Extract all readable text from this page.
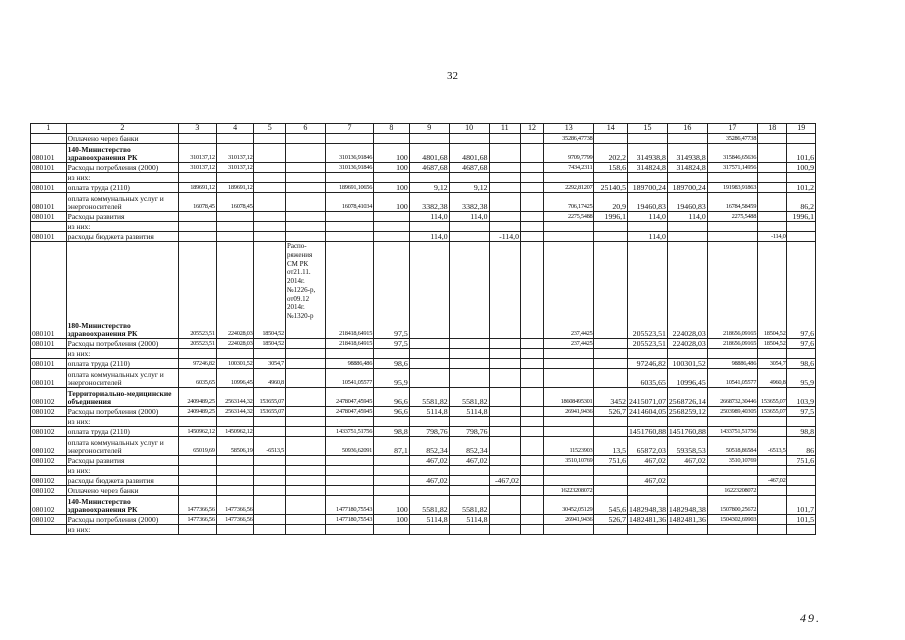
32
1	2	3	4	5	6	7	8	9	10	11	12	13	14	15	16	17	18	19
	Оплачено через банки											35286,47738				35286,47738		
080101	140-Министерство здравоохранения РК	310137,12	310137,12			310136,91846	100	4801,68	4801,68			9709,7799	202,2	314938,8	314938,8	315846,65636		101,6
080101	Расходы потребления (2000)	310137,12	310137,12			310136,91846	100	4687,68	4687,68			7434,2311	158,6	314824,8	314824,8	317571,14956		100,9
	из них:																	
080101	оплата труда (2110)	189691,12	189691,12			189691,10656	100	9,12	9,12			2292,81207	25140,5	189700,24	189700,24	191983,91863		101,2
080101	оплата коммунальных услуг и энергоносителей	16078,45	16078,45			16078,41034	100	3382,38	3382,38			706,17425	20,9	19460,83	19460,83	16784,58459		86,2
080101	Расходы развития							114,0	114,0			2275,5488	1996,1	114,0	114,0	2275,5488		1996,1
	из них:																	
080101	расходы бюджета развития							114,0		-114,0				114,0			-114,0	
080101	180-Министерство здравоохранения РК	205523,51	224028,03	18504,52	Распо-ряжения СМ РК от21.11. 2014г. №1226-р, от09.12 2014г. №1320-р	218418,64915	97,5					237,4425		205523,51	224028,03	218656,09165	18504,52	97,6
080101	Расходы потребления (2000)	205523,51	224028,03	18504,52		218418,64915	97,5					237,4425		205523,51	224028,03	218656,09165	18504,52	97,6
	из них:																	
080101	оплата труда (2110)	97246,82	100301,52	3054,7		98886,486	98,6							97246,82	100301,52	98886,486	3054,7	98,6
080101	оплата коммунальных услуг и энергоносителей	6035,65	10996,45	4960,8		10541,05577	95,9							6035,65	10996,45	10541,05577	4960,8	95,9
080102	Территориально-медицинские объединения	2409489,25	2563144,32	153655,07		2478047,45945	96,6	5581,82	5581,82			18608495301	3452	2415071,07	2568726,14	2668732,30446	153655,07	103,9
080102	Расходы потребления (2000)	2409489,25	2563144,32	153655,07		2478047,45945	96,6	5114,8	5114,8			26941,9436	526,7	2414604,05	2568259,12	2503989,40305	153655,07	97,5
	из них:																	
080102	оплата труда (2110)	1450962,12	1450962,12			1433751,51756	98,8	798,76	798,76					1451760,88	1451760,88	1433751,51756		98,8
080102	оплата коммунальных услуг и энергоносителей	65019,69	58506,19	-6513,5		50936,62091	87,1	852,34	852,34			11523903	13,5	65872,03	59358,53	50518,86584	-6513,5	86
080102	Расходы развития							467,02	467,02			3510,10769	751,6	467,02	467,02	3510,10769		751,6
	из них:																	
080102	расходы бюджета развития							467,02		-467,02				467,02			-467,02	
080102	Оплачено через банки											16223208072				16223208072		
080102	140-Министерство здравоохранения РК	1477366,56	1477366,56			1477180,75543	100	5581,82	5581,82			30452,05129	545,6	1482948,38	1482948,38	1507800,25672		101,7
080102	Расходы потребления (2000)	1477366,56	1477366,56			1477180,75543	100	5114,8	5114,8			26941,9436	526,7	1482481,36	1482481,36	1504302,69903		101,5
	из них:																	
49.
